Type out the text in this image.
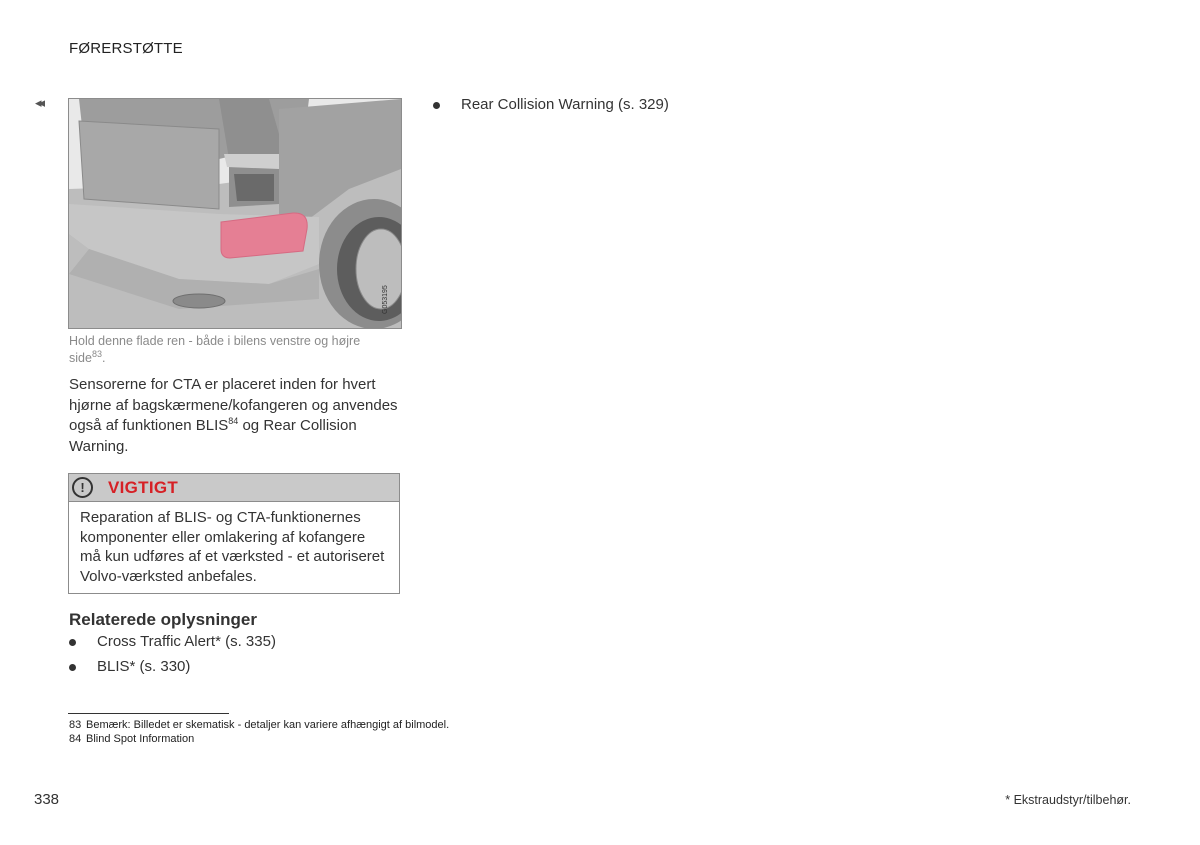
FØRERSTØTTE
◂◂
G053195
Hold denne flade ren - både i bilens venstre og højre side$^{83}$.
Sensorerne for CTA er placeret inden for hvert hjørne af bagskærmene/kofangeren og anvendes også af funktionen BLIS$^{84}$ og Rear Collision Warning.
!	VIGTIGT
Reparation af BLIS- og CTA-funktionernes komponenter eller omlakering af kofangere må kun udføres af et værksted - et autoriseret Volvo-værksted anbefales.
Relaterede oplysninger
Cross Traffic Alert* (s. 335)
BLIS* (s. 330)
Rear Collision Warning (s. 329)
83 Bemærk: Billedet er skematisk - detaljer kan variere afhængigt af bilmodel.
84 Blind Spot Information
338	* Ekstraudstyr/tilbehør.
